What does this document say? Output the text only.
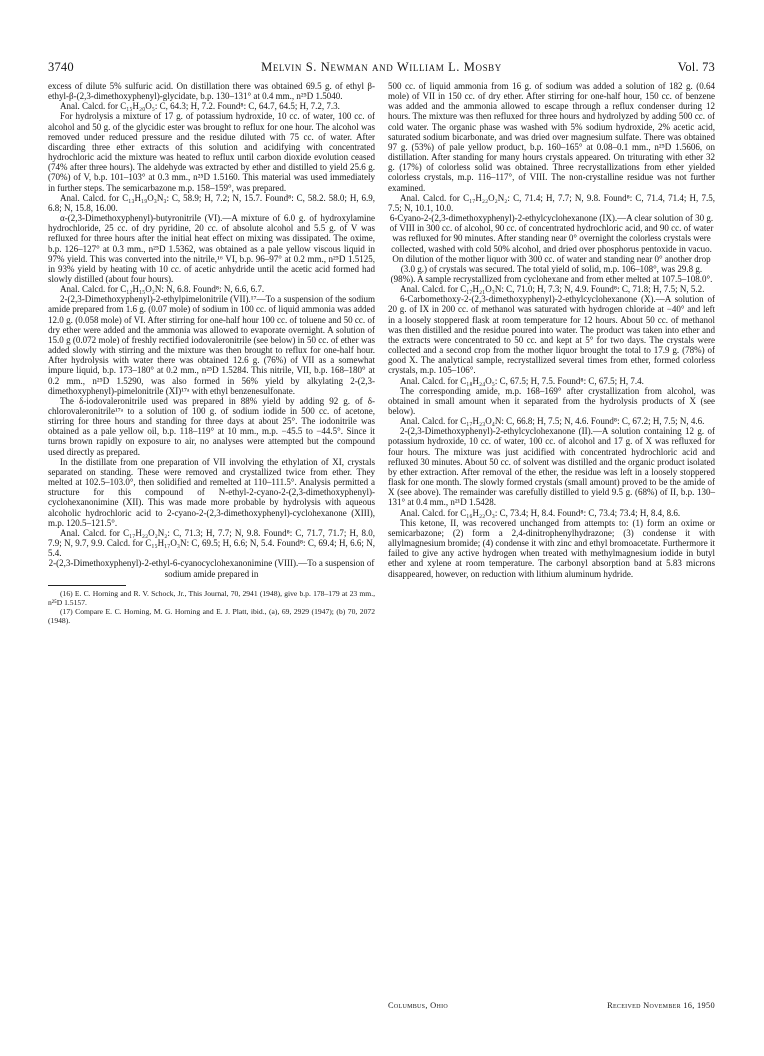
3740	Melvin S. Newman and William L. Mosby	Vol. 73

excess of dilute 5% sulfuric acid. On distillation there was obtained 69.5 g. of ethyl β-ethyl-β-(2,3-dimethoxyphenyl)-glycidate, b.p. 130–131° at 0.4 mm., n²⁵D 1.5040.

Anal. Calcd. for C₁₅H₂₀O₅: C, 64.3; H, 7.2. Found⁸: C, 64.7, 64.5; H, 7.2, 7.3.

For hydrolysis a mixture of 17 g. of potassium hydroxide, 10 cc. of water, 100 cc. of alcohol and 50 g. of the glycidic ester was brought to reflux for one hour. The alcohol was removed under reduced pressure and the residue diluted with 75 cc. of water. After discarding three ether extracts of this solution and acidifying with concentrated hydrochloric acid the mixture was heated to reflux until carbon dioxide evolution ceased (74% after three hours). The aldehyde was extracted by ether and distilled to yield 25.6 g. (70%) of V, b.p. 101–103° at 0.3 mm., n²⁵D 1.5160. This material was used immediately in further steps. The semicarbazone m.p. 158–159°, was prepared.

Anal. Calcd. for C₁₃H₁₉O₃N₃: C, 58.9; H, 7.2; N, 15.7. Found⁸: C, 58.2. 58.0; H, 6.9, 6.8; N, 15.8, 16.00.

α-(2,3-Dimethoxyphenyl)-butyronitrile (VI).—A mixture of 6.0 g. of hydroxylamine hydrochloride, 25 cc. of dry pyridine, 20 cc. of absolute alcohol and 5.5 g. of V was refluxed for three hours after the initial heat effect on mixing was dissipated. The oxime, b.p. 126–127° at 0.3 mm., n²⁵D 1.5362, was obtained as a pale yellow viscous liquid in 97% yield. This was converted into the nitrile,¹⁶ VI, b.p. 96–97° at 0.2 mm., n²⁵D 1.5125, in 93% yield by heating with 10 cc. of acetic anhydride until the acetic acid formed had slowly distilled (about four hours).

Anal. Calcd. for C₁₂H₁₅O₂N: N, 6.8. Found⁸: N, 6.6, 6.7.

2-(2,3-Dimethoxyphenyl)-2-ethylpimelonitrile (VII).¹⁷—To a suspension of the sodium amide prepared from 1.6 g. (0.07 mole) of sodium in 100 cc. of liquid ammonia was added 12.0 g. (0.058 mole) of VI. After stirring for one-half hour 100 cc. of toluene and 50 cc. of dry ether were added and the ammonia was allowed to evaporate overnight. A solution of 15.0 g (0.072 mole) of freshly rectified iodovaleronitrile (see below) in 50 cc. of ether was added slowly with stirring and the mixture was then brought to reflux for one-half hour. After hydrolysis with water there was obtained 12.6 g. (76%) of VII as a somewhat impure liquid, b.p. 173–180° at 0.2 mm., n²⁵D 1.5284. This nitrile, VII, b.p. 168–180° at 0.2 mm., n²⁵D 1.5290, was also formed in 56% yield by alkylating 2-(2,3-dimethoxyphenyl)-pimelonitrile (XI)¹⁷ᵃ with ethyl benzenesulfonate.

The δ-iodovaleronitrile used was prepared in 88% yield by adding 92 g. of δ-chlorovaleronitrile¹⁷ᵃ to a solution of 100 g. of sodium iodide in 500 cc. of acetone, stirring for three hours and standing for three days at about 25°. The iodonitrile was obtained as a pale yellow oil, b.p. 118–119° at 10 mm., m.p. −45.5 to −44.5°. Since it turns brown rapidly on exposure to air, no analyses were attempted but the compound used directly as prepared.

In the distillate from one preparation of VII involving the ethylation of XI, crystals separated on standing. These were removed and crystallized twice from ether. They melted at 102.5–103.0°, then solidified and remelted at 110–111.5°. Analysis permitted a structure for this compound of N-ethyl-2-cyano-2-(2,3-dimethoxyphenyl)-cyclohexanonimine (XII). This was made more probable by hydrolysis with aqueous alcoholic hydrochloric acid to 2-cyano-2-(2,3-dimethoxyphenyl)-cyclohexanone (XIII), m.p. 120.5–121.5°.

Anal. Calcd. for C₁₇H₂₂O₂N₂: C, 71.3; H, 7.7; N, 9.8. Found⁸: C, 71.7, 71.7; H, 8.0, 7.9; N, 9.7, 9.9. Calcd. for C₁₅H₁₇O₃N: C, 69.5; H, 6.6; N, 5.4. Found⁸: C, 69.4; H, 6.6; N, 5.4.

2-(2,3-Dimethoxyphenyl)-2-ethyl-6-cyanocyclohexanonimine (VIII).—To a suspension of sodium amide prepared in

(16) E. C. Horning and R. V. Schock, Jr., This Journal, 70, 2941 (1948), give b.p. 178–179 at 23 mm., n²⁵D 1.5157.

(17) Compare E. C. Horning, M. G. Horning and E. J. Platt, ibid., (a), 69, 2929 (1947); (b) 70, 2072 (1948).

500 cc. of liquid ammonia from 16 g. of sodium was added a solution of 182 g. (0.64 mole) of VII in 150 cc. of dry ether. After stirring for one-half hour, 150 cc. of benzene was added and the ammonia allowed to escape through a reflux condenser during 12 hours. The mixture was then refluxed for three hours and hydrolyzed by adding 500 cc. of cold water. The organic phase was washed with 5% sodium hydroxide, 2% acetic acid, saturated sodium bicarbonate, and was dried over magnesium sulfate. There was obtained 97 g. (53%) of pale yellow product, b.p. 160–165° at 0.08–0.1 mm., n²⁵D 1.5606, on distillation. After standing for many hours crystals appeared. On triturating with ether 32 g. (17%) of colorless solid was obtained. Three recrystallizations from ether yielded colorless crystals, m.p. 116–117°, of VIII. The non-crystalline residue was not further examined.

Anal. Calcd. for C₁₇H₂₂O₂N₂: C, 71.4; H, 7.7; N, 9.8. Found⁸: C, 71.4, 71.4; H, 7.5, 7.5; N, 10.1, 10.0.

6-Cyano-2-(2,3-dimethoxyphenyl)-2-ethylcyclohexanone (IX).—A clear solution of 30 g. of VIII in 300 cc. of alcohol, 90 cc. of concentrated hydrochloric acid, and 90 cc. of water was refluxed for 90 minutes. After standing near 0° overnight the colorless crystals were collected, washed with cold 50% alcohol, and dried over phosphorus pentoxide in vacuo. On dilution of the mother liquor with 300 cc. of water and standing near 0° another drop (3.0 g.) of crystals was secured. The total yield of solid, m.p. 106–108°, was 29.8 g. (98%). A sample recrystallized from cyclohexane and from ether melted at 107.5–108.0°.

Anal. Calcd. for C₁₇H₂₁O₃N: C, 71.0; H, 7.3; N, 4.9. Found⁸: C, 71.8; H, 7.5; N, 5.2.

6-Carbomethoxy-2-(2,3-dimethoxyphenyl)-2-ethylcyclohexanone (X).—A solution of 20 g. of IX in 200 cc. of methanol was saturated with hydrogen chloride at −40° and left in a loosely stoppered flask at room temperature for 12 hours. About 50 cc. of methanol was then distilled and the residue poured into water. The product was taken into ether and the extracts were concentrated to 50 cc. and kept at 5° for two days. The crystals were collected and a second crop from the mother liquor brought the total to 17.9 g. (78%) of good X. The analytical sample, recrystallized several times from ether, formed colorless crystals, m.p. 105–106°.

Anal. Calcd. for C₁₈H₂₄O₅: C, 67.5; H, 7.5. Found⁸: C, 67.5; H, 7.4.

The corresponding amide, m.p. 168–169° after crystallization from alcohol, was obtained in small amount when it separated from the hydrolysis products of X (see below).

Anal. Calcd. for C₁₇H₂₃O₄N: C, 66.8; H, 7.5; N, 4.6. Found⁸: C, 67.2; H, 7.5; N, 4.6.

2-(2,3-Dimethoxyphenyl)-2-ethylcyclohexanone (II).—A solution containing 12 g. of potassium hydroxide, 10 cc. of water, 100 cc. of alcohol and 17 g. of X was refluxed for four hours. The mixture was just acidified with concentrated hydrochloric acid and refluxed 30 minutes. About 50 cc. of solvent was distilled and the organic product isolated by ether extraction. After removal of the ether, the residue was left in a loosely stoppered flask for one month. The slowly formed crystals (small amount) proved to be the amide of X (see above). The remainder was carefully distilled to yield 9.5 g. (68%) of II, b.p. 130–131° at 0.4 mm., n²¹D 1.5428.

Anal. Calcd. for C₁₆H₂₂O₃: C, 73.4; H, 8.4. Found⁸: C, 73.4; 73.4; H, 8.4, 8.6.

This ketone, II, was recovered unchanged from attempts to: (1) form an oxime or semicarbazone; (2) form a 2,4-dinitrophenylhydrazone; (3) condense it with allylmagnesium bromide; (4) condense it with zinc and ethyl bromoacetate. Furthermore it failed to give any active hydrogen when treated with methylmagnesium iodide in butyl ether and xylene at room temperature. The carbonyl absorption band at 5.83 microns disappeared, however, on reduction with lithium aluminum hydride.

Columbus, Ohio	Received November 16, 1950
